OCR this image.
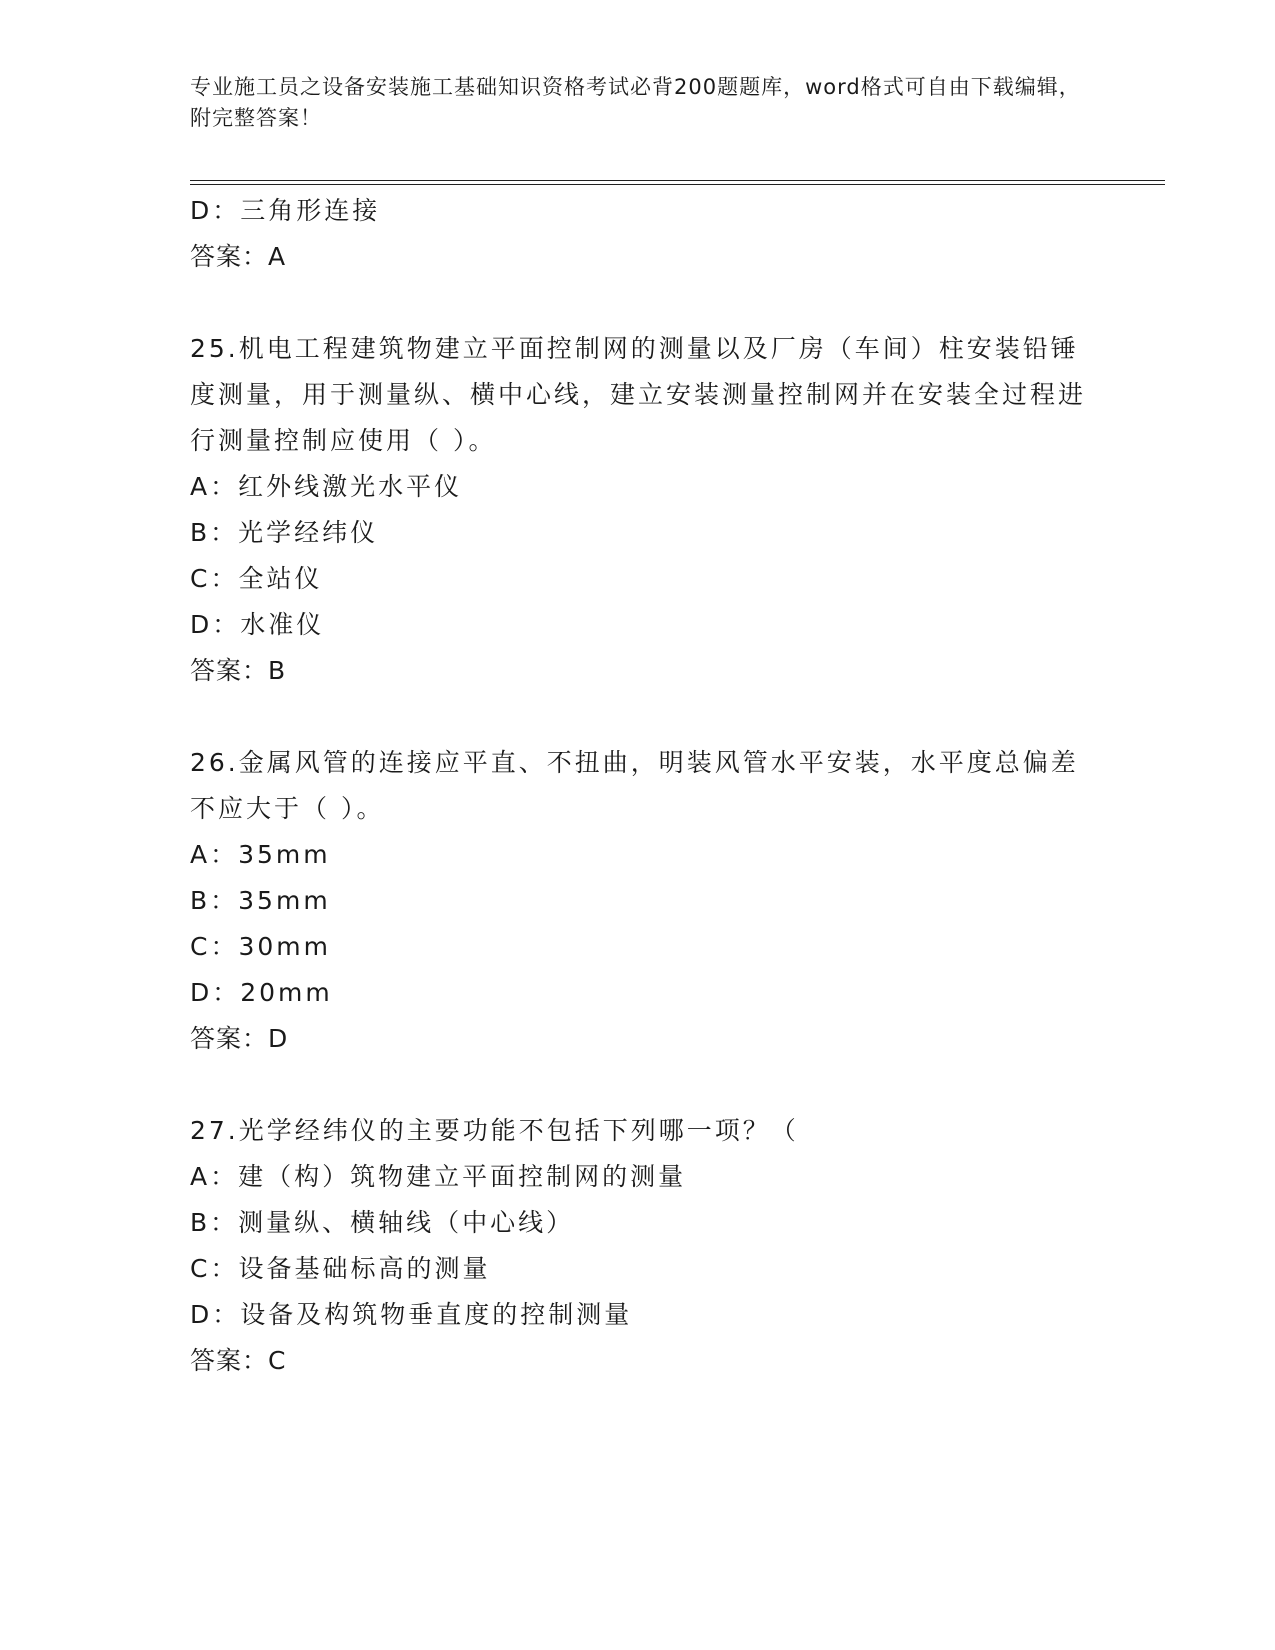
专业施工员之设备安装施工基础知识资格考试必背200题题库，word格式可自由下载编辑，附完整答案！
D：三角形连接
答案：A
25.机电工程建筑物建立平面控制网的测量以及厂房（车间）柱安装铅锤度测量，用于测量纵、横中心线，建立安装测量控制网并在安装全过程进行测量控制应使用（ ）。
A：红外线激光水平仪
B：光学经纬仪
C：全站仪
D：水准仪
答案：B
26.金属风管的连接应平直、不扭曲，明装风管水平安装，水平度总偏差不应大于（ ）。
A：35mm
B：35mm
C：30mm
D：20mm
答案：D
27.光学经纬仪的主要功能不包括下列哪一项？（
A：建（构）筑物建立平面控制网的测量
B：测量纵、横轴线（中心线）
C：设备基础标高的测量
D：设备及构筑物垂直度的控制测量
答案：C
